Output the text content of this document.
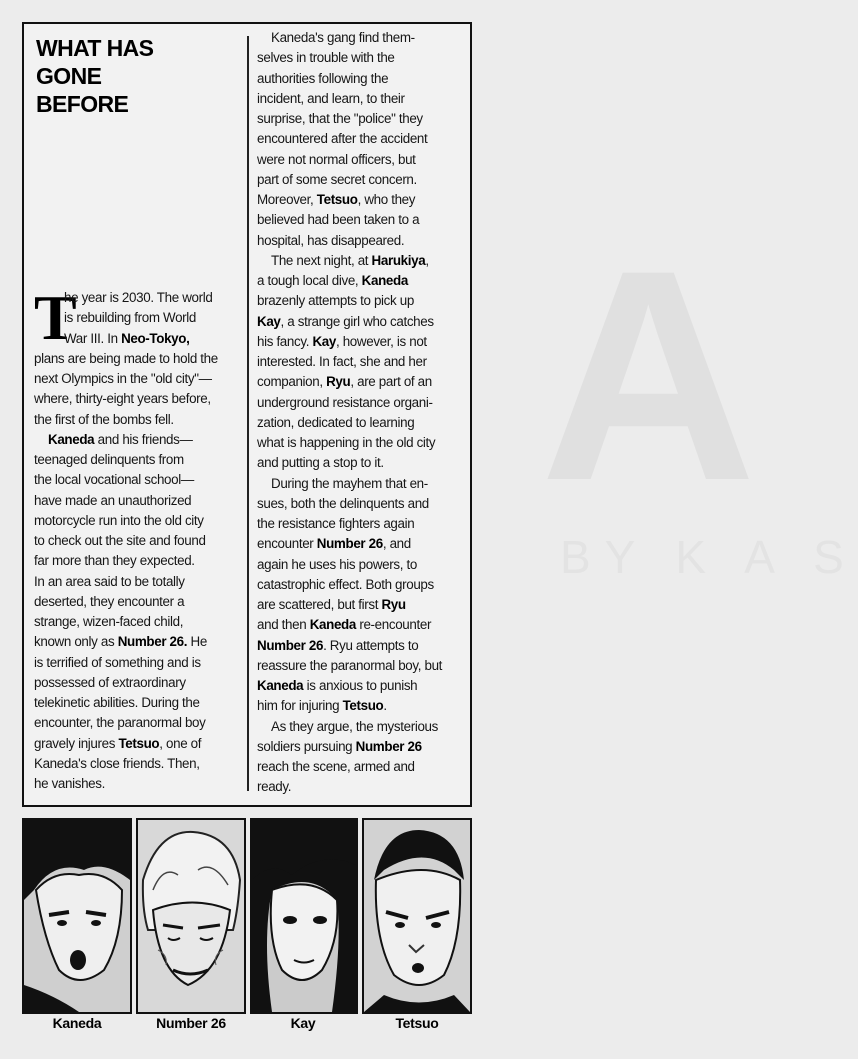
A
BY K A S
WHAT HAS
GONE
BEFORE
T
he year is 2030. The world
is rebuilding from World
War III. In Neo-Tokyo,
plans are being made to hold the
next Olympics in the "old city"—
where, thirty-eight years before,
the first of the bombs fell.
Kaneda and his friends—
teenaged delinquents from
the local vocational school—
have made an unauthorized
motorcycle run into the old city
to check out the site and found
far more than they expected.
In an area said to be totally
deserted, they encounter a
strange, wizen-faced child,
known only as Number 26. He
is terrified of something and is
possessed of extraordinary
telekinetic abilities. During the
encounter, the paranormal boy
gravely injures Tetsuo, one of
Kaneda's close friends. Then,
he vanishes.
Kaneda's gang find them-
selves in trouble with the
authorities following the
incident, and learn, to their
surprise, that the "police" they
encountered after the accident
were not normal officers, but
part of some secret concern.
Moreover, Tetsuo, who they
believed had been taken to a
hospital, has disappeared.
The next night, at Harukiya,
a tough local dive, Kaneda
brazenly attempts to pick up
Kay, a strange girl who catches
his fancy. Kay, however, is not
interested. In fact, she and her
companion, Ryu, are part of an
underground resistance organi-
zation, dedicated to learning
what is happening in the old city
and putting a stop to it.
During the mayhem that en-
sues, both the delinquents and
the resistance fighters again
encounter Number 26, and
again he uses his powers, to
catastrophic effect. Both groups
are scattered, but first Ryu
and then Kaneda re-encounter
Number 26. Ryu attempts to
reassure the paranormal boy, but
Kaneda is anxious to punish
him for injuring Tetsuo.
As they argue, the mysterious
soldiers pursuing Number 26
reach the scene, armed and
ready.
Kaneda	Number 26	Kay	Tetsuo
